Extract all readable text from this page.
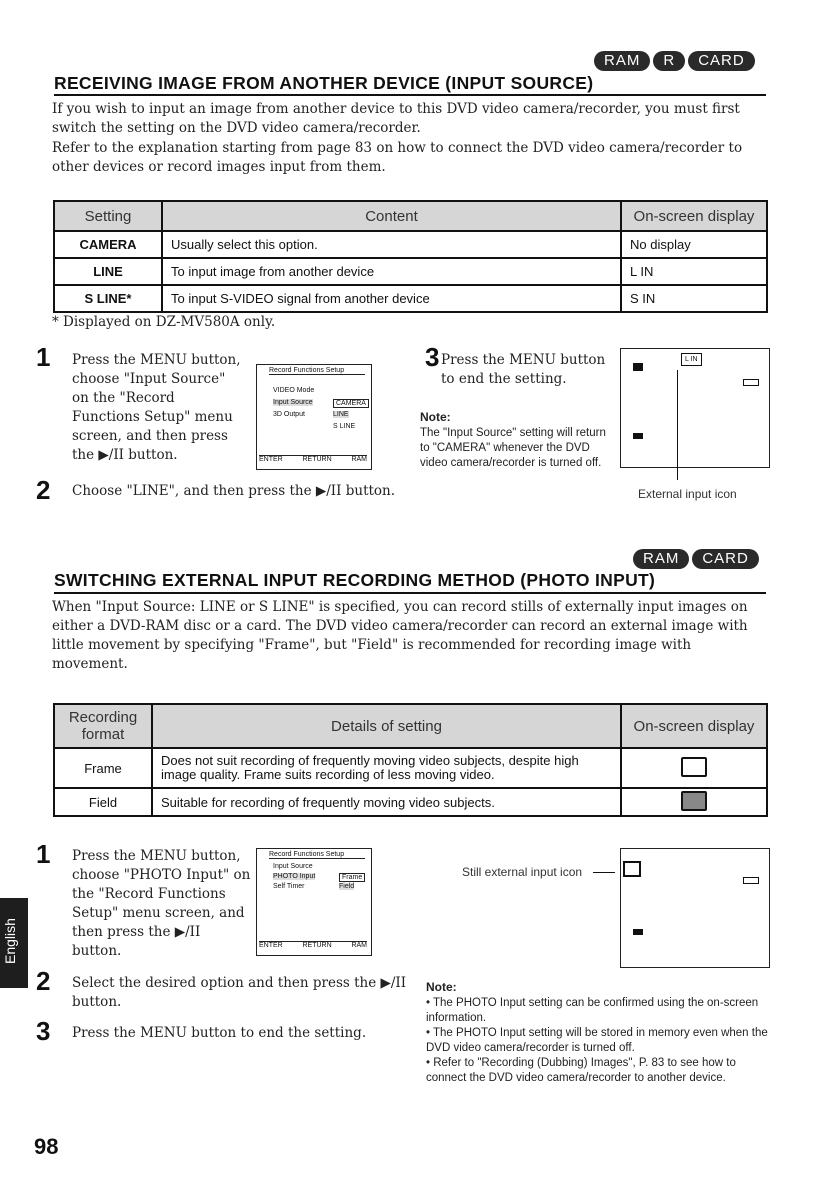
RAM	R	CARD
RECEIVING IMAGE FROM ANOTHER DEVICE (INPUT SOURCE)

If you wish to input an image from another device to this DVD video camera/recorder, you must first switch the setting on the DVD video camera/recorder.

Refer to the explanation starting from page 83 on how to connect the DVD video camera/recorder to other devices or record images input from them.

Setting	Content	On-screen display
CAMERA	Usually select this option.	No display
LINE	To input image from another device	L IN
S LINE*	To input S-VIDEO signal from another device	S IN
* Displayed on DZ-MV580A only.
1 Press the MENU button, choose "Input Source" on the "Record Functions Setup" menu screen, and then press the ▶/II button.
Record Functions Setup
VIDEO Mode
Input Source
3D Output
CAMERA
LINE
S LINE
ENTER	RETURN	RAM
2 Choose "LINE", and then press the ▶/II button.
3 Press the MENU button to end the setting.
Note:
The "Input Source" setting will return to "CAMERA" whenever the DVD video camera/recorder is turned off.
L IN
External input icon
RAM	CARD
SWITCHING EXTERNAL INPUT RECORDING METHOD (PHOTO INPUT)

When "Input Source: LINE or S LINE" is specified, you can record stills of externally input images on either a DVD-RAM disc or a card. The DVD video camera/recorder can record an external image with little movement by specifying "Frame", but "Field" is recommended for recording image with movement.

Recording format	Details of setting	On-screen display
Frame	Does not suit recording of frequently moving video subjects, despite high image quality. Frame suits recording of less moving video.	
Field	Suitable for recording of frequently moving video subjects.	
1 Press the MENU button, choose "PHOTO Input" on the "Record Functions Setup" menu screen, and then press the ▶/II button.
Record Functions Setup
Input Source
PHOTO Input
Self Timer
Frame
Field
ENTER	RETURN	RAM
2 Select the desired option and then press the ▶/II button.
3 Press the MENU button to end the setting.
Still external input icon
Note:

• The PHOTO Input setting can be confirmed using the on-screen information.
• The PHOTO Input setting will be stored in memory even when the DVD video camera/recorder is turned off.
• Refer to "Recording (Dubbing) Images", P. 83 to see how to connect the DVD video camera/recorder to another device.
English
98
